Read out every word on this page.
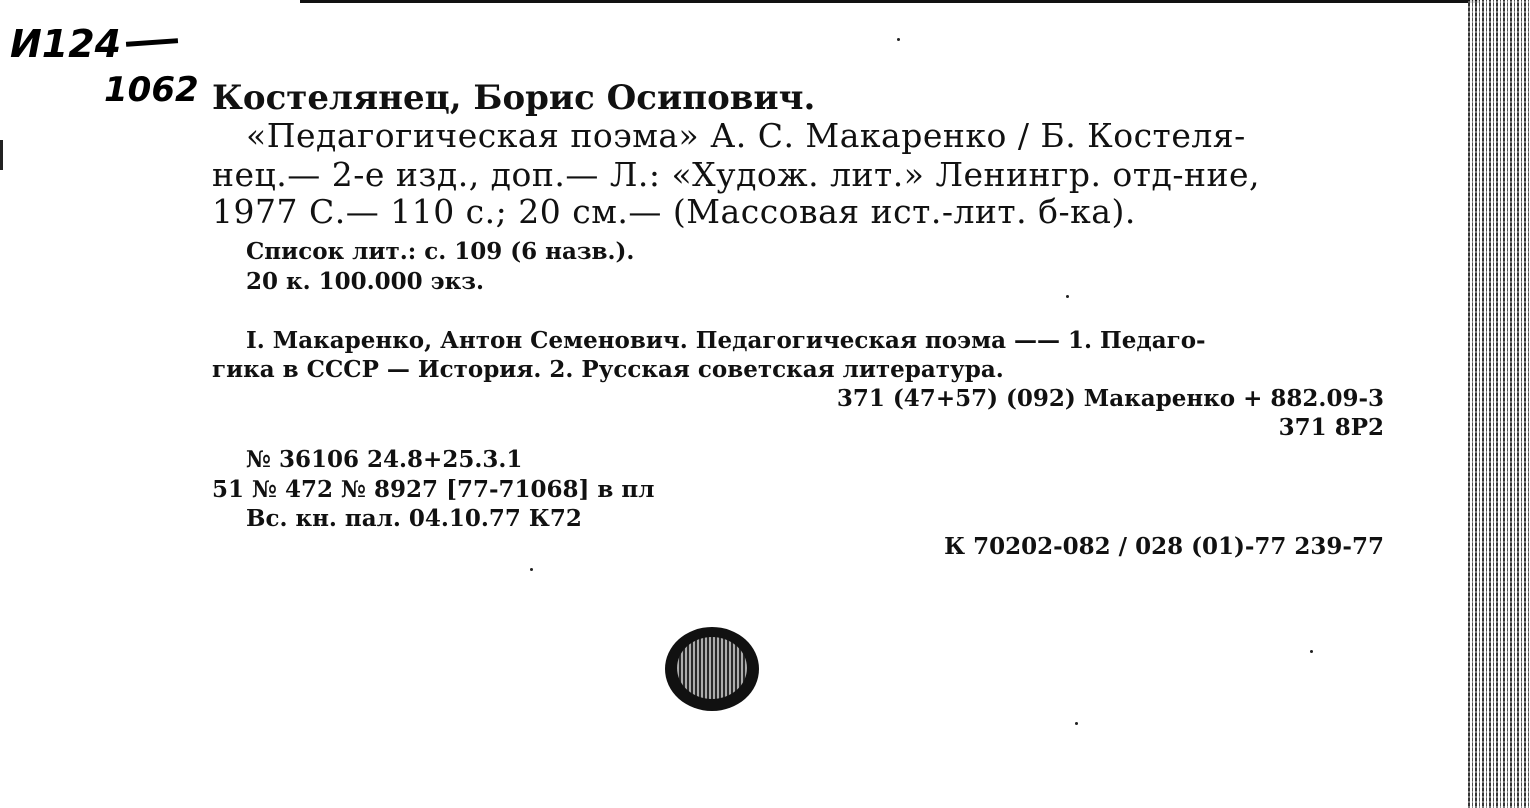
И124
1062 Костелянец, Борис Осипович.
«Педагогическая поэма» А. С. Макаренко / Б. Костеля-
нец.— 2-е изд., доп.— Л.: «Худож. лит.» Ленингр. отд-ние,
1977 С.— 110 с.; 20 см.— (Массовая ист.-лит. б-ка).
Список лит.: с. 109 (6 назв.).
20 к. 100.000 экз.
I. Макаренко, Антон Семенович. Педагогическая поэма —— 1. Педаго-
гика в СССР — История. 2. Русская советская литература.
371 (47+57) (092) Макаренко + 882.09-3
371 8Р2
№ 36106 24.8+25.3.1
51 № 472 № 8927 [77-71068] в пл
Вс. кн. пал. 04.10.77 К72
К 70202-082 / 028 (01)-77 239-77
